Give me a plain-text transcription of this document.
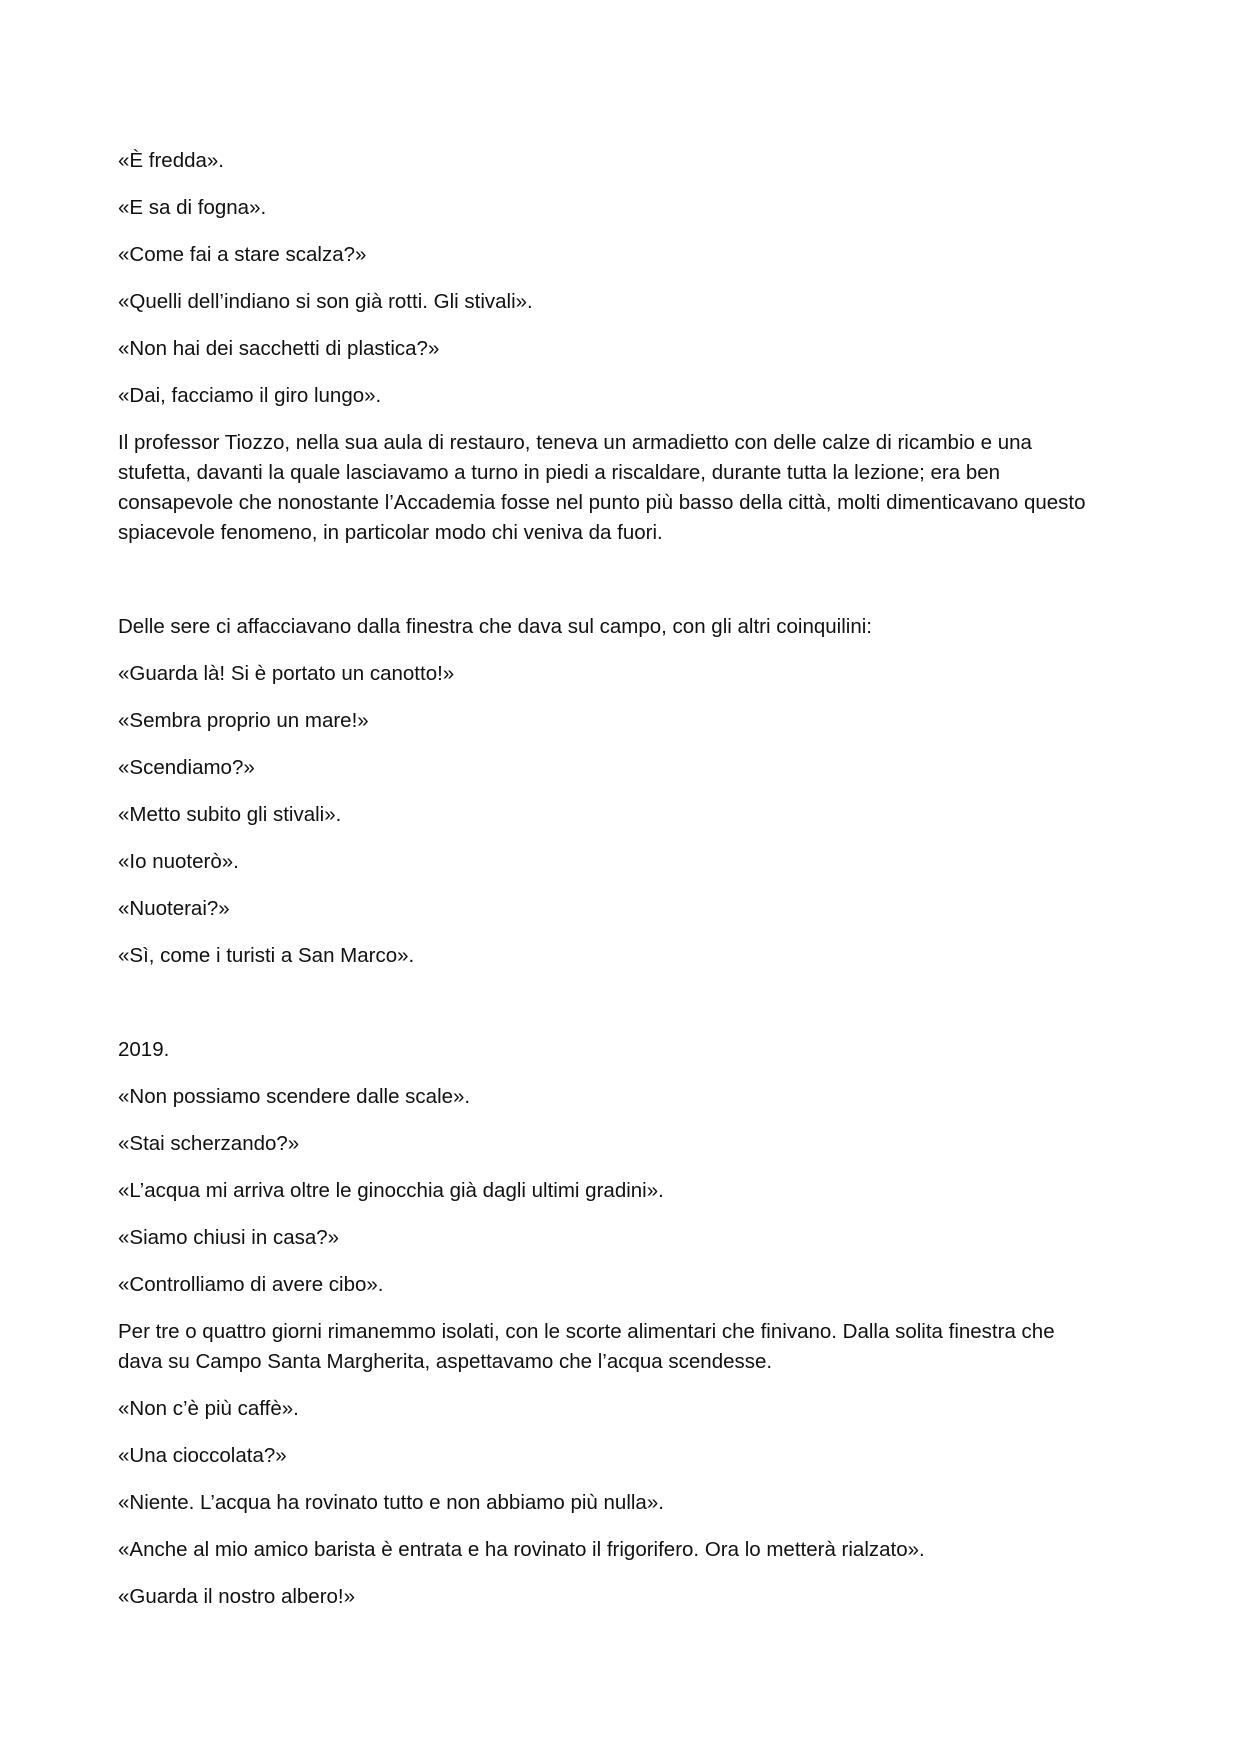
«È fredda».

«E sa di fogna».

«Come fai a stare scalza?»

«Quelli dell’indiano si son già rotti. Gli stivali».

«Non hai dei sacchetti di plastica?»

«Dai, facciamo il giro lungo».

Il professor Tiozzo, nella sua aula di restauro, teneva un armadietto con delle calze di ricambio e una
stufetta, davanti la quale lasciavamo a turno in piedi a riscaldare, durante tutta la lezione; era ben
consapevole che nonostante l’Accademia fosse nel punto più basso della città, molti dimenticavano questo
spiacevole fenomeno, in particolar modo chi veniva da fuori.

Delle sere ci affacciavano dalla finestra che dava sul campo, con gli altri coinquilini:

«Guarda là! Si è portato un canotto!»

«Sembra proprio un mare!»

«Scendiamo?»

«Metto subito gli stivali».

«Io nuoterò».

«Nuoterai?»

«Sì, come i turisti a San Marco».

2019.

«Non possiamo scendere dalle scale».

«Stai scherzando?»

«L’acqua mi arriva oltre le ginocchia già dagli ultimi gradini».

«Siamo chiusi in casa?»

«Controlliamo di avere cibo».

Per tre o quattro giorni rimanemmo isolati, con le scorte alimentari che finivano. Dalla solita finestra che
dava su Campo Santa Margherita, aspettavamo che l’acqua scendesse.

«Non c’è più caffè».

«Una cioccolata?»

«Niente. L’acqua ha rovinato tutto e non abbiamo più nulla».

«Anche al mio amico barista è entrata e ha rovinato il frigorifero. Ora lo metterà rialzato».

«Guarda il nostro albero!»
